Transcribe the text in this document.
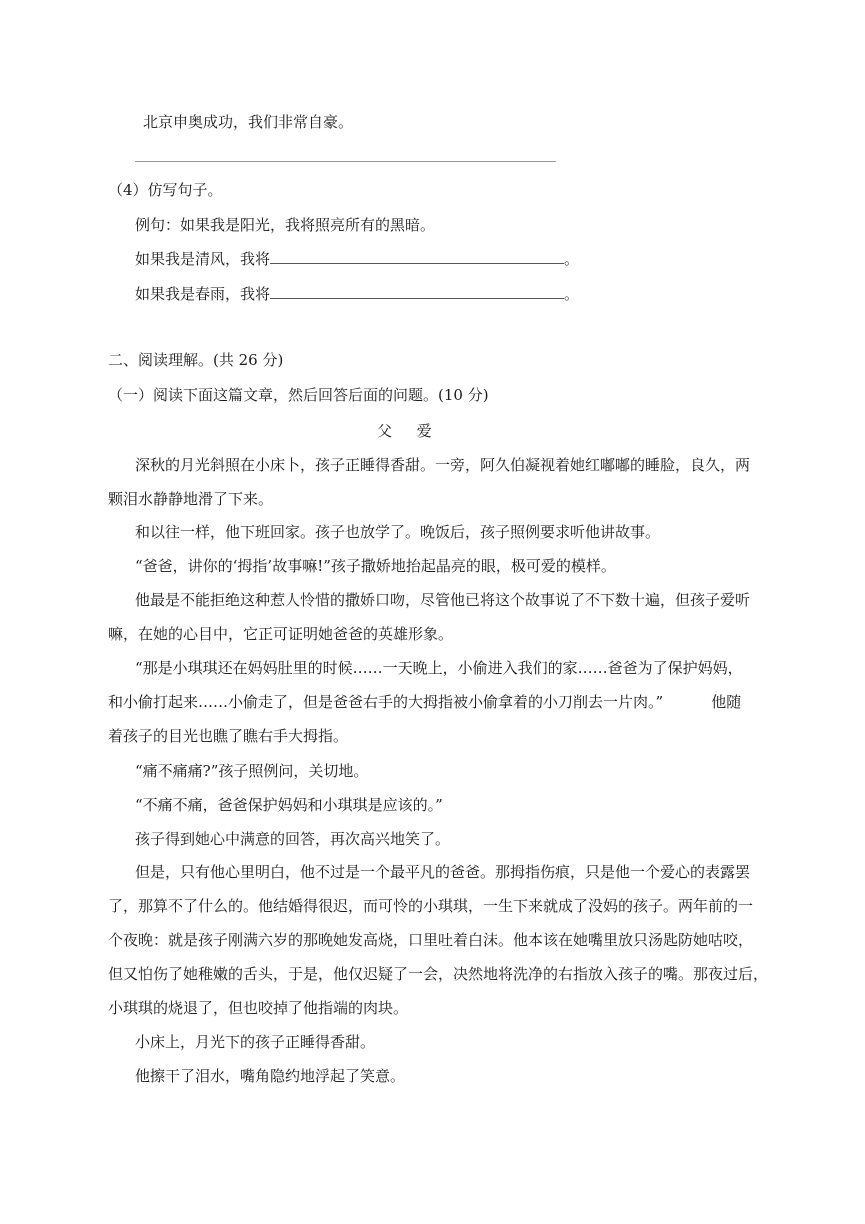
北京申奥成功，我们非常自豪。
（4）仿写句子。
例句：如果我是阳光，我将照亮所有的黑暗。
如果我是清风，我将	。
如果我是春雨，我将	。
二、阅读理解。(共 26 分)
（一）阅读下面这篇文章，然后回答后面的问题。(10 分)
父 爱
深秋的月光斜照在小床卜，孩子正睡得香甜。一旁，阿久伯凝视着她红嘟嘟的睡脸，良久，两
颗泪水静静地滑了下来。
和以往一样，他下班回家。孩子也放学了。晚饭后，孩子照例要求听他讲故事。
“爸爸，讲你的‘拇指’故事嘛!”孩子撒娇地抬起晶亮的眼，极可爱的模样。
他最是不能拒绝这种惹人怜惜的撒娇口吻，尽管他已将这个故事说了不下数十遍，但孩子爱听
嘛，在她的心目中，它正可证明她爸爸的英雄形象。
“那是小琪琪还在妈妈肚里的时候……一天晚上，小偷进入我们的家……爸爸为了保护妈妈，
和小偷打起来……小偷走了，但是爸爸右手的大拇指被小偷拿着的小刀削去一片肉。”	他随
着孩子的目光也瞧了瞧右手大拇指。
“痛不痛痛?”孩子照例问，关切地。
“不痛不痛，爸爸保护妈妈和小琪琪是应该的。”
孩子得到她心中满意的回答，再次高兴地笑了。
但是，只有他心里明白，他不过是一个最平凡的爸爸。那拇指伤痕，只是他一个爱心的表露罢
了，那算不了什么的。他结婚得很迟，而可怜的小琪琪，一生下来就成了没妈的孩子。两年前的一
个夜晚：就是孩子刚满六岁的那晚她发高烧，口里吐着白沫。他本该在她嘴里放只汤匙防她咕咬，
但又怕伤了她稚嫩的舌头，于是，他仅迟疑了一会，决然地将洗净的右指放入孩子的嘴。那夜过后，
小琪琪的烧退了，但也咬掉了他指端的肉块。
小床上，月光下的孩子正睡得香甜。
他擦干了泪水，嘴角隐约地浮起了笑意。
